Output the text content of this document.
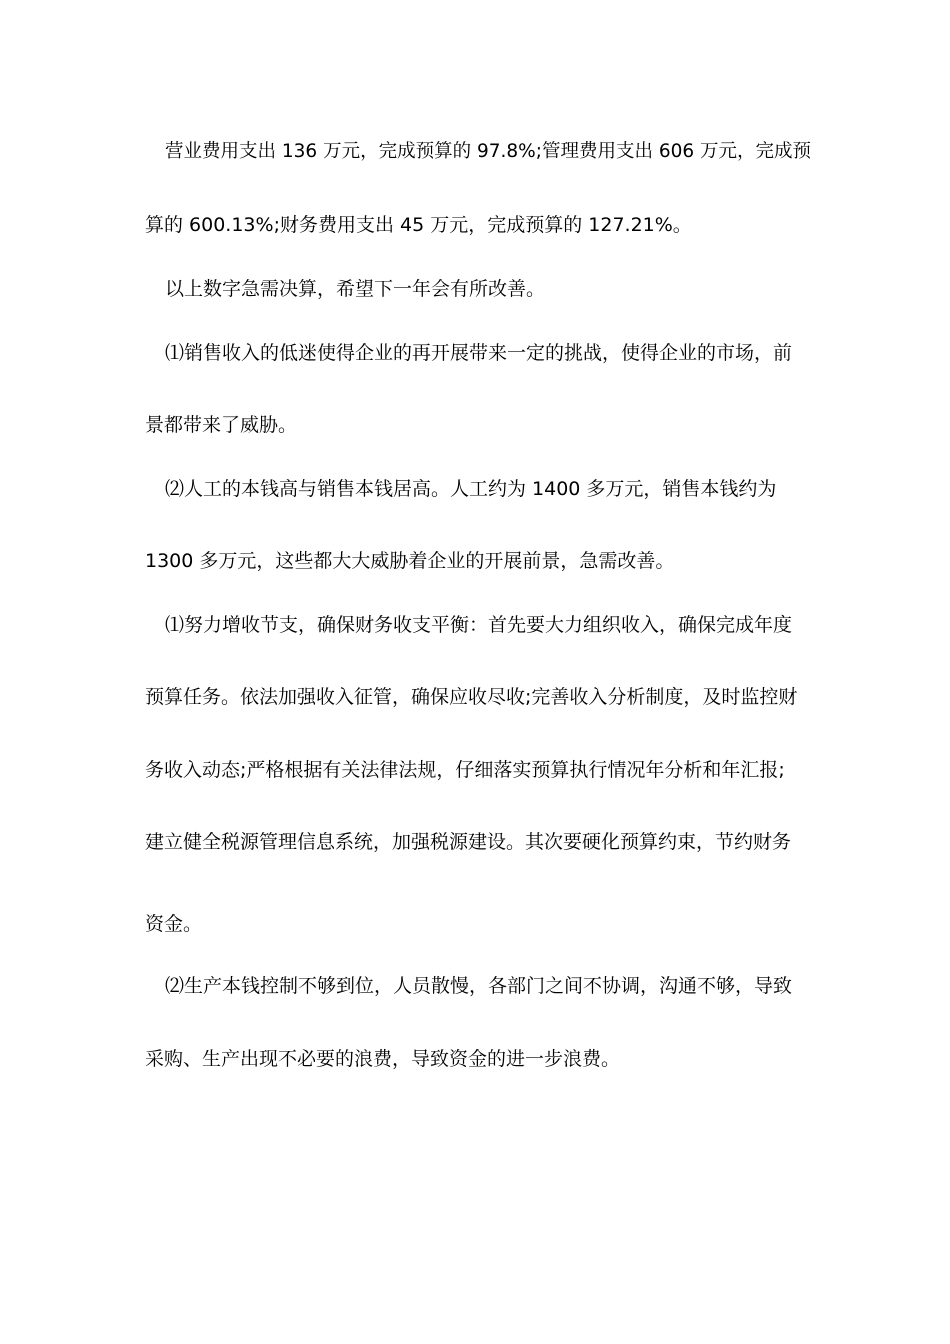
营业费用支出 136 万元，完成预算的 97.8%;管理费用支出 606 万元，完成预
算的 600.13%;财务费用支出 45 万元，完成预算的 127.21%。
以上数字急需决算，希望下一年会有所改善。
⑴销售收入的低迷使得企业的再开展带来一定的挑战，使得企业的市场，前
景都带来了威胁。
⑵人工的本钱高与销售本钱居高。人工约为 1400 多万元，销售本钱约为
1300 多万元，这些都大大威胁着企业的开展前景，急需改善。
⑴努力增收节支，确保财务收支平衡：首先要大力组织收入，确保完成年度
预算任务。依法加强收入征管，确保应收尽收;完善收入分析制度，及时监控财
务收入动态;严格根据有关法律法规，仔细落实预算执行情况年分析和年汇报;
建立健全税源管理信息系统，加强税源建设。其次要硬化预算约束，节约财务
资金。
⑵生产本钱控制不够到位，人员散慢，各部门之间不协调，沟通不够，导致
采购、生产出现不必要的浪费，导致资金的进一步浪费。
